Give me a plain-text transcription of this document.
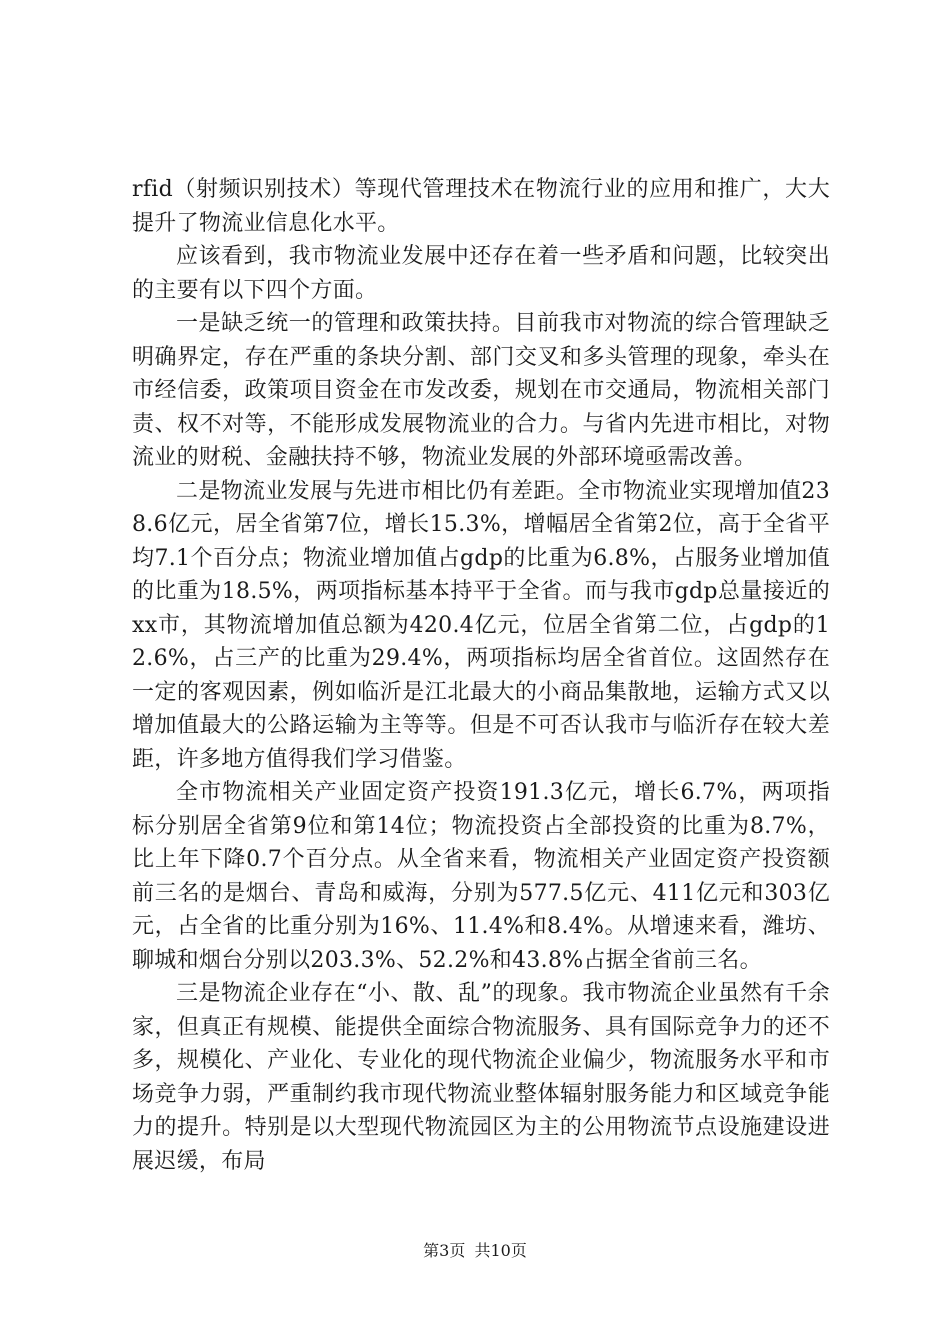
rfid（射频识别技术）等现代管理技术在物流行业的应用和推广，大大提升了物流业信息化水平。

应该看到，我市物流业发展中还存在着一些矛盾和问题，比较突出的主要有以下四个方面。

一是缺乏统一的管理和政策扶持。目前我市对物流的综合管理缺乏明确界定，存在严重的条块分割、部门交叉和多头管理的现象，牵头在市经信委，政策项目资金在市发改委，规划在市交通局，物流相关部门责、权不对等，不能形成发展物流业的合力。与省内先进市相比，对物流业的财税、金融扶持不够，物流业发展的外部环境亟需改善。

二是物流业发展与先进市相比仍有差距。全市物流业实现增加值238.6亿元，居全省第7位，增长15.3%，增幅居全省第2位，高于全省平均7.1个百分点；物流业增加值占gdp的比重为6.8%，占服务业增加值的比重为18.5%，两项指标基本持平于全省。而与我市gdp总量接近的xx市，其物流增加值总额为420.4亿元，位居全省第二位，占gdp的12.6%，占三产的比重为29.4%，两项指标均居全省首位。这固然存在一定的客观因素，例如临沂是江北最大的小商品集散地，运输方式又以增加值最大的公路运输为主等等。但是不可否认我市与临沂存在较大差距，许多地方值得我们学习借鉴。

全市物流相关产业固定资产投资191.3亿元，增长6.7%，两项指标分别居全省第9位和第14位；物流投资占全部投资的比重为8.7%，比上年下降0.7个百分点。从全省来看，物流相关产业固定资产投资额前三名的是烟台、青岛和威海，分别为577.5亿元、411亿元和303亿元，占全省的比重分别为16%、11.4%和8.4%。从增速来看，潍坊、聊城和烟台分别以203.3%、52.2%和43.8%占据全省前三名。

三是物流企业存在“小、散、乱”的现象。我市物流企业虽然有千余家，但真正有规模、能提供全面综合物流服务、具有国际竞争力的还不多，规模化、产业化、专业化的现代物流企业偏少，物流服务水平和市场竞争力弱，严重制约我市现代物流业整体辐射服务能力和区域竞争能力的提升。特别是以大型现代物流园区为主的公用物流节点设施建设进展迟缓，布局

第3页 共10页
